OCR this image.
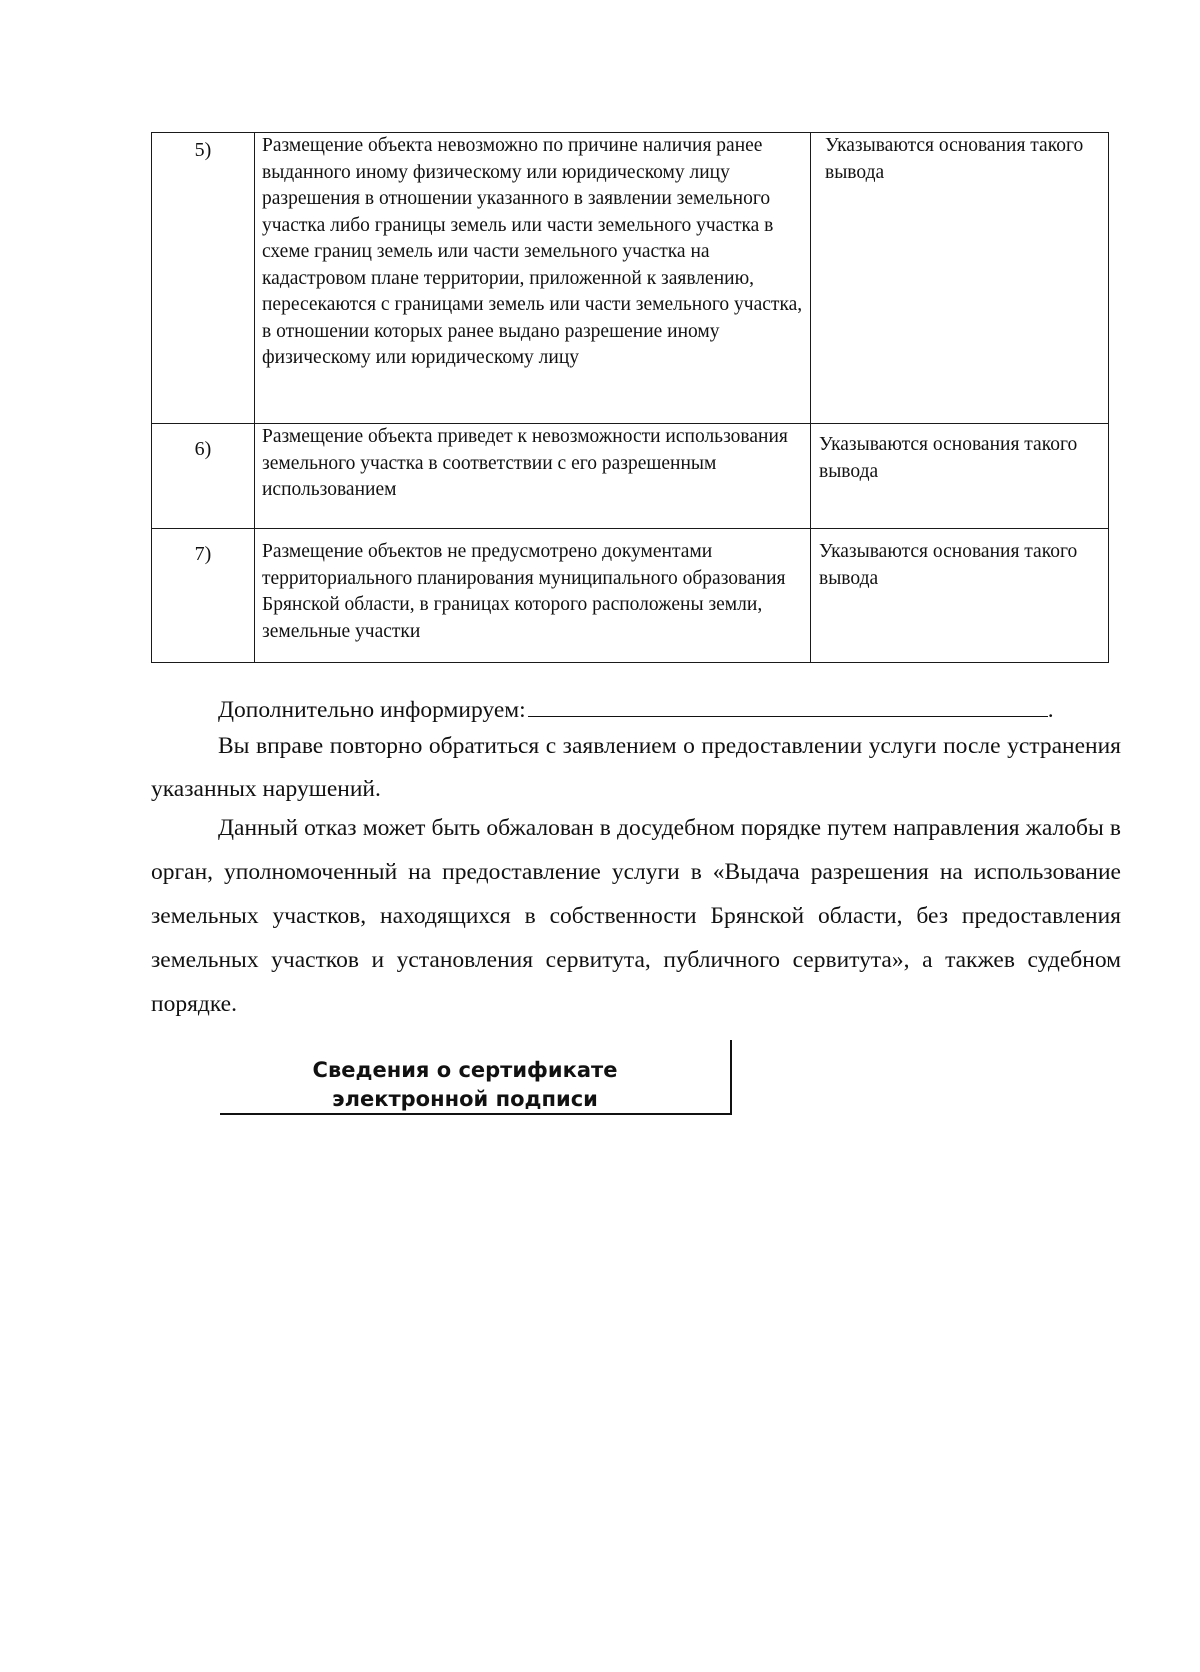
5)	Размещение объекта невозможно по причине наличия ранее выданного иному физическому или юридическому лицу разрешения в отношении указанного в заявлении земельного участка либо границы земель или части земельного участка в схеме границ земель или части земельного участка на кадастровом плане территории, приложенной к заявлению, пересекаются с границами земель или части земельного участка, в отношении которых ранее выдано разрешение иному физическому или юридическому лицу	Указываются основания такого вывода

6)	Размещение объекта приведет к невозможности использования земельного участка в соответствии с его разрешенным использованием	Указываются основания такого вывода

7)	Размещение объектов не предусмотрено документами территориального планирования муниципального образования Брянской области, в границах которого расположены земли, земельные участки	Указываются основания такого вывода
Дополнительно информируем:	.
Вы вправе повторно обратиться с заявлением о предоставлении услуги после устранения указанных нарушений.
Данный отказ может быть обжалован в досудебном порядке путем направления жалобы в орган, уполномоченный на предоставление услуги в «Выдача разрешения на использование земельных участков, находящихся в собственности Брянской области, без предоставления земельных участков и установления сервитута, публичного сервитута», а такжев судебном порядке.
Сведения о сертификате
электронной подписи
